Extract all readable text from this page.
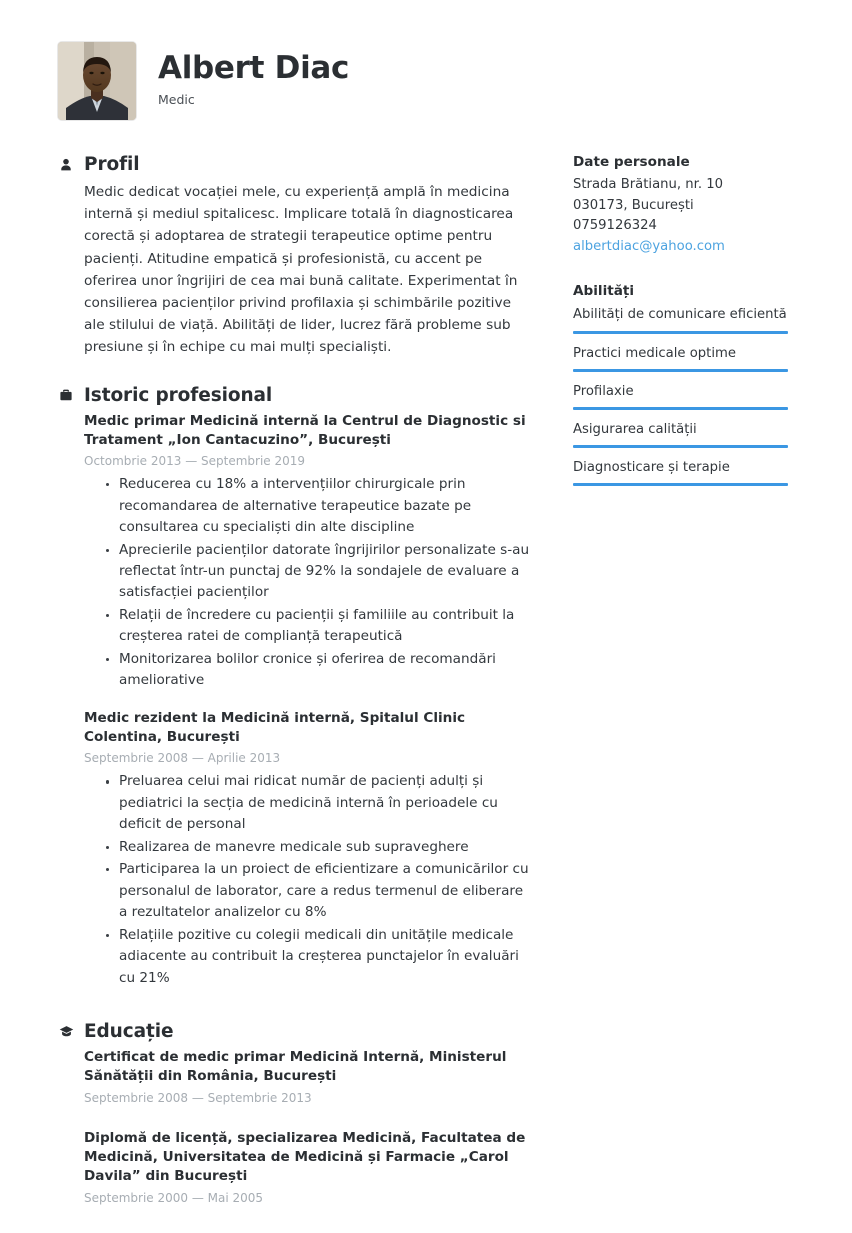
Albert Diac

Medic

Profil

Medic dedicat vocației mele, cu experiență amplă în medicina internă și mediul spitalicesc. Implicare totală în diagnosticarea corectă și adoptarea de strategii terapeutice optime pentru pacienți. Atitudine empatică și profesionistă, cu accent pe oferirea unor îngrijiri de cea mai bună calitate. Experimentat în consilierea pacienților privind profilaxia și schimbările pozitive ale stilului de viață. Abilități de lider, lucrez fără probleme sub presiune și în echipe cu mai mulți specialiști.

Istoric profesional

Medic primar Medicină internă la Centrul de Diagnostic si Tratament „Ion Cantacuzino”, București

Octombrie 2013 — Septembrie 2019

Reducerea cu 18% a intervențiilor chirurgicale prin recomandarea de alternative terapeutice bazate pe consultarea cu specialiști din alte discipline
Aprecierile pacienților datorate îngrijirilor personalizate s-au reflectat într-un punctaj de 92% la sondajele de evaluare a satisfacției pacienților
Relații de încredere cu pacienții și familiile au contribuit la creșterea ratei de complianță terapeutică
Monitorizarea bolilor cronice și oferirea de recomandări ameliorative

Medic rezident la Medicină internă, Spitalul Clinic Colentina, București

Septembrie 2008 — Aprilie 2013

Preluarea celui mai ridicat număr de pacienți adulți și pediatrici la secția de medicină internă în perioadele cu deficit de personal
Realizarea de manevre medicale sub supraveghere
Participarea la un proiect de eficientizare a comunicărilor cu personalul de laborator, care a redus termenul de eliberare a rezultatelor analizelor cu 8%
Relațiile pozitive cu colegii medicali din unitățile medicale adiacente au contribuit la creșterea punctajelor în evaluări cu 21%
Educație

Certificat de medic primar Medicină Internă, Ministerul Sănătății din România, București

Septembrie 2008 — Septembrie 2013

Diplomă de licență, specializarea Medicină, Facultatea de Medicină, Universitatea de Medicină și Farmacie „Carol Davila” din București

Septembrie 2000 — Mai 2005

Date personale

Strada Brătianu, nr. 10
030173, București
0759126324
albertdiac@yahoo.com

Abilități

Abilități de comunicare eficientă
Practici medicale optime
Profilaxie
Asigurarea calității
Diagnosticare și terapie
